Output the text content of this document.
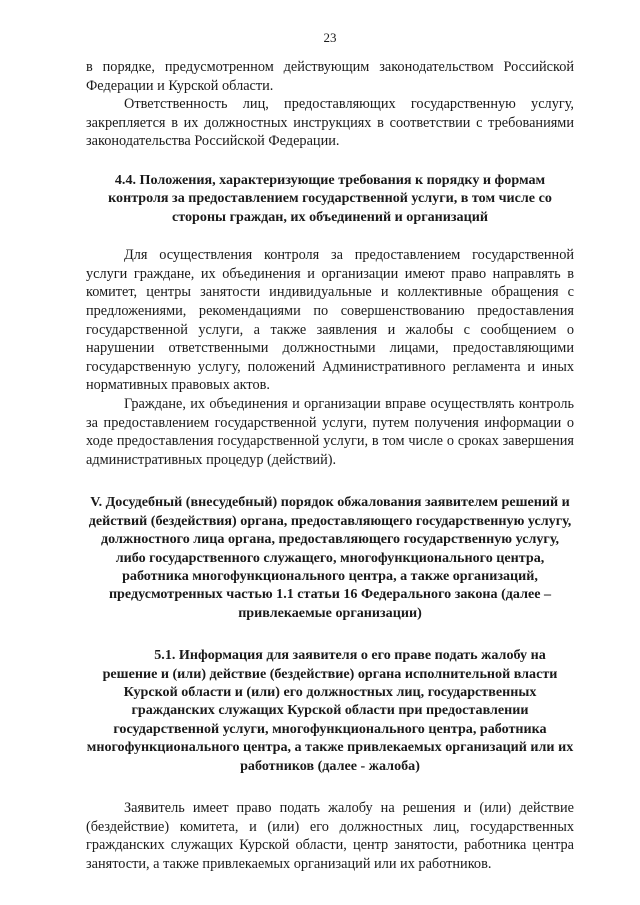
23

в порядке, предусмотренном действующим законодательством Российской Федерации и Курской области.

Ответственность лиц, предоставляющих государственную услугу, закрепляется в их должностных инструкциях в соответствии с требованиями законодательства Российской Федерации.

4.4. Положения, характеризующие требования к порядку и формам контроля за предоставлением государственной услуги, в том числе со стороны граждан, их объединений и организаций

Для осуществления контроля за предоставлением государственной услуги граждане, их объединения и организации имеют право направлять в комитет, центры занятости индивидуальные и коллективные обращения с предложениями, рекомендациями по совершенствованию предоставления государственной услуги, а также заявления и жалобы с сообщением о нарушении ответственными должностными лицами, предоставляющими государственную услугу, положений Административного регламента и иных нормативных правовых актов.

Граждане, их объединения и организации вправе осуществлять контроль за предоставлением государственной услуги, путем получения информации о ходе предоставления государственной услуги, в том числе о сроках завершения административных процедур (действий).

V. Досудебный (внесудебный) порядок обжалования заявителем решений и действий (бездействия) органа, предоставляющего государственную услугу, должностного лица органа, предоставляющего государственную услугу, либо государственного служащего, многофункционального центра, работника многофункционального центра, а также организаций, предусмотренных частью 1.1 статьи 16 Федерального закона (далее – привлекаемые организации)
5.1. Информация для заявителя о его праве подать жалобу на решение и (или) действие (бездействие) органа исполнительной власти Курской области и (или) его должностных лиц, государственных гражданских служащих Курской области при предоставлении государственной услуги, многофункционального центра, работника многофункционального центра, а также привлекаемых организаций или их работников (далее - жалоба)

Заявитель имеет право подать жалобу на решения и (или) действие (бездействие) комитета, и (или) его должностных лиц, государственных гражданских служащих Курской области, центр занятости, работника центра занятости, а также привлекаемых организаций или их работников.
